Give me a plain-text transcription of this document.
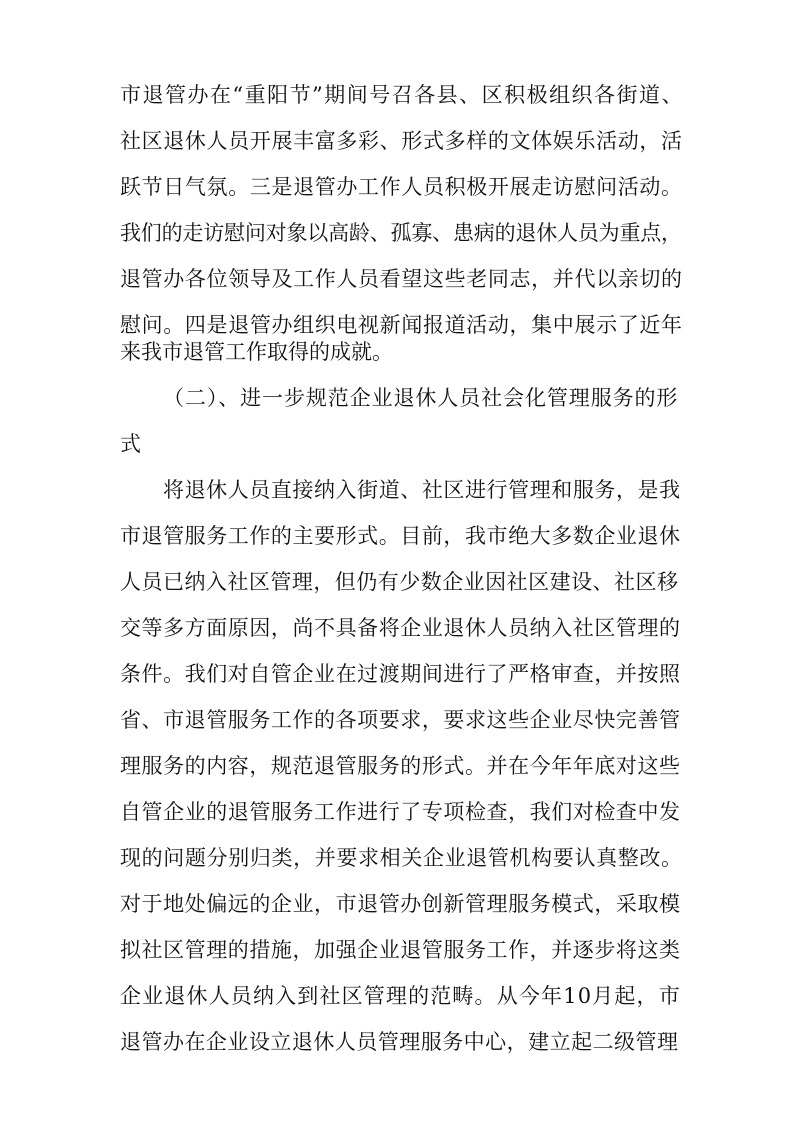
市退管办在“重阳节”期间号召各县、区积极组织各街道、
社区退休人员开展丰富多彩、形式多样的文体娱乐活动，活
跃节日气氛。三是退管办工作人员积极开展走访慰问活动。
我们的走访慰问对象以高龄、孤寡、患病的退休人员为重点，
退管办各位领导及工作人员看望这些老同志，并代以亲切的
慰问。四是退管办组织电视新闻报道活动，集中展示了近年
来我市退管工作取得的成就。
（二）、进一步规范企业退休人员社会化管理服务的形
式
将退休人员直接纳入街道、社区进行管理和服务，是我
市退管服务工作的主要形式。目前，我市绝大多数企业退休
人员已纳入社区管理，但仍有少数企业因社区建设、社区移
交等多方面原因，尚不具备将企业退休人员纳入社区管理的
条件。我们对自管企业在过渡期间进行了严格审查，并按照
省、市退管服务工作的各项要求，要求这些企业尽快完善管
理服务的内容，规范退管服务的形式。并在今年年底对这些
自管企业的退管服务工作进行了专项检查，我们对检查中发
现的问题分别归类，并要求相关企业退管机构要认真整改。
对于地处偏远的企业，市退管办创新管理服务模式，采取模
拟社区管理的措施，加强企业退管服务工作，并逐步将这类
企业退休人员纳入到社区管理的范畴。从今年10月起，市
退管办在企业设立退休人员管理服务中心，建立起二级管理
